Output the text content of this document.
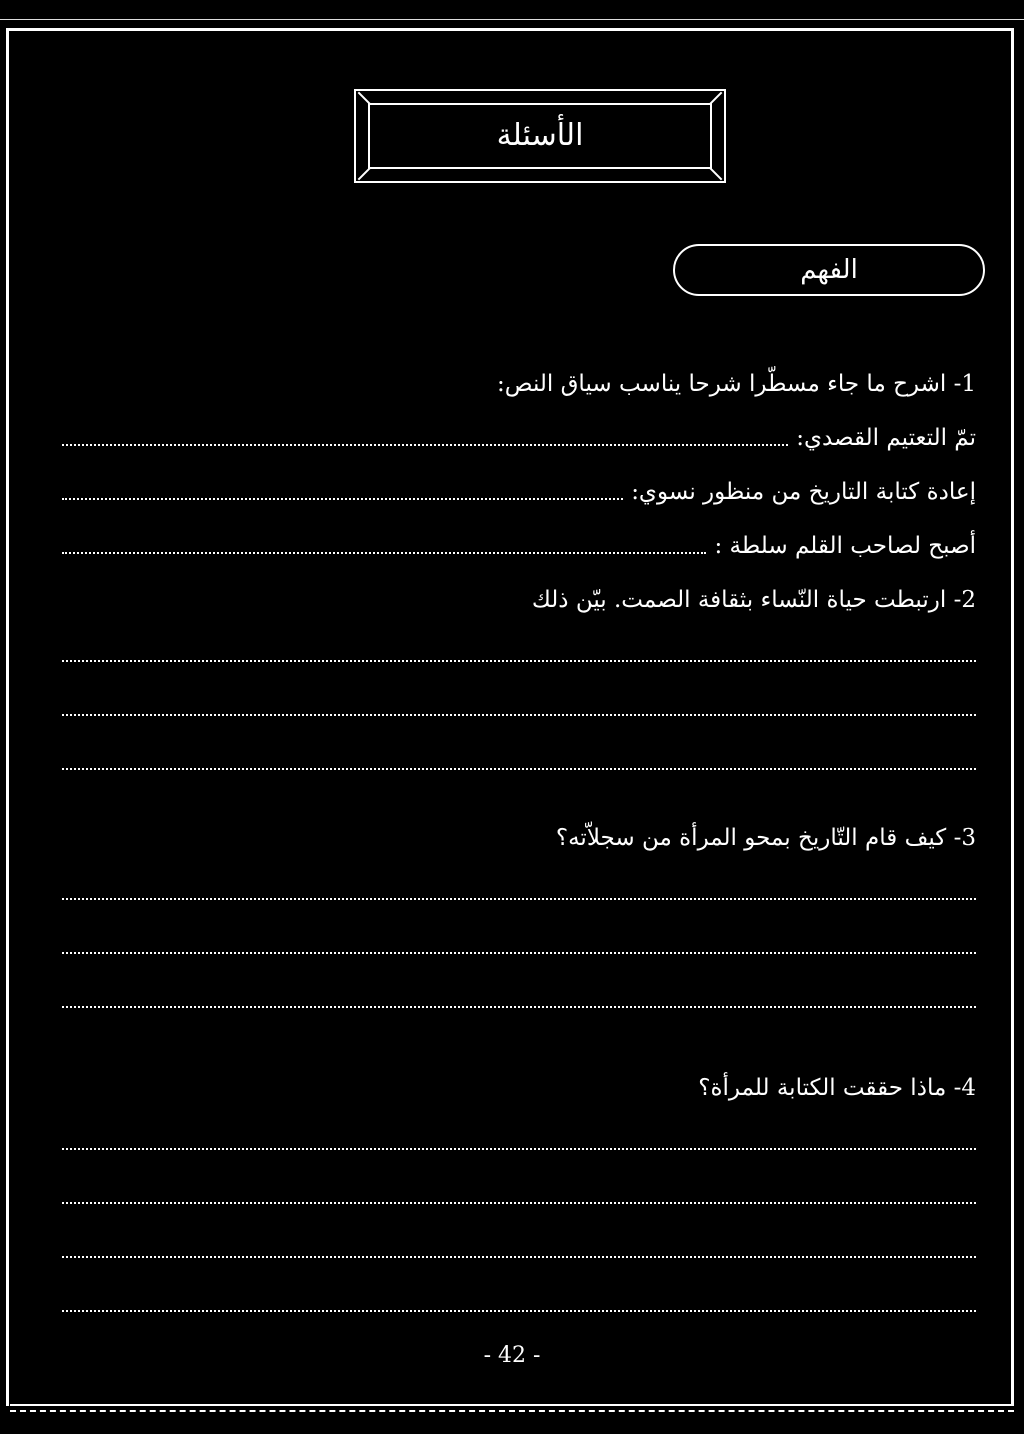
الأسئلة
الفهم
1- اشرح ما جاء مسطّرا شرحا يناسب سياق النص:
تمّ التعتيم القصدي:
إعادة كتابة التاريخ من منظور نسوي:
أصبح لصاحب القلم سلطة :
2- ارتبطت حياة النّساء بثقافة الصمت. بيّن ذلك
3- كيف قام التّاريخ بمحو المرأة من سجلاّته؟
4- ماذا حققت الكتابة للمرأة؟
- 42 -
